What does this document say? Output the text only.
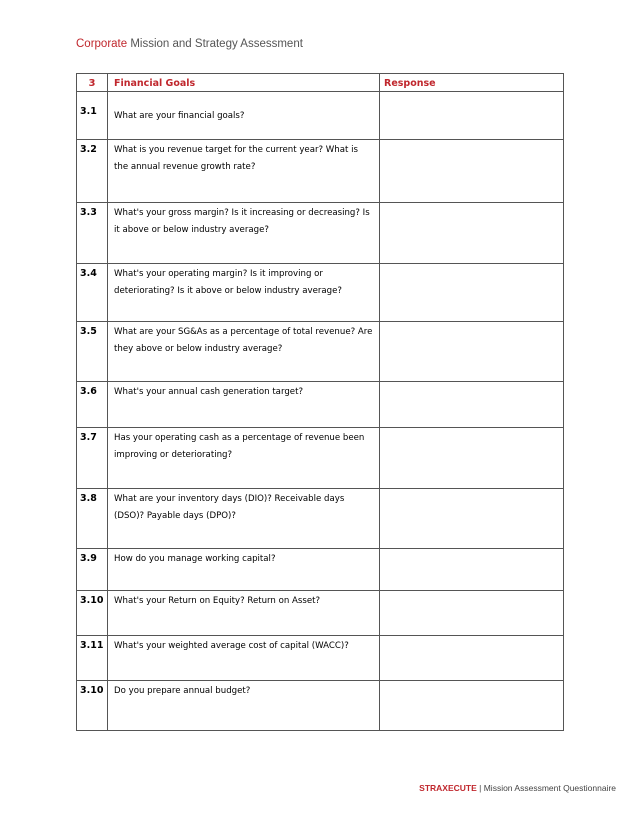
Corporate Mission and Strategy Assessment
3	Financial Goals	Response
3.1	What are your financial goals?	
3.2	What is you revenue target for the current year? What is the annual revenue growth rate?	
3.3	What's your gross margin? Is it increasing or decreasing? Is it above or below industry average?	
3.4	What's your operating margin? Is it improving or deteriorating? Is it above or below industry average?	
3.5	What are your SG&As as a percentage of total revenue? Are they above or below industry average?	
3.6	What's your annual cash generation target?	
3.7	Has your operating cash as a percentage of revenue been improving or deteriorating?	
3.8	What are your inventory days (DIO)? Receivable days (DSO)? Payable days (DPO)?	
3.9	How do you manage working capital?	
3.10	What's your Return on Equity? Return on Asset?	
3.11	What's your weighted average cost of capital (WACC)?	
3.10	Do you prepare annual budget?	
STRAXECUTE | Mission Assessment Questionnaire
